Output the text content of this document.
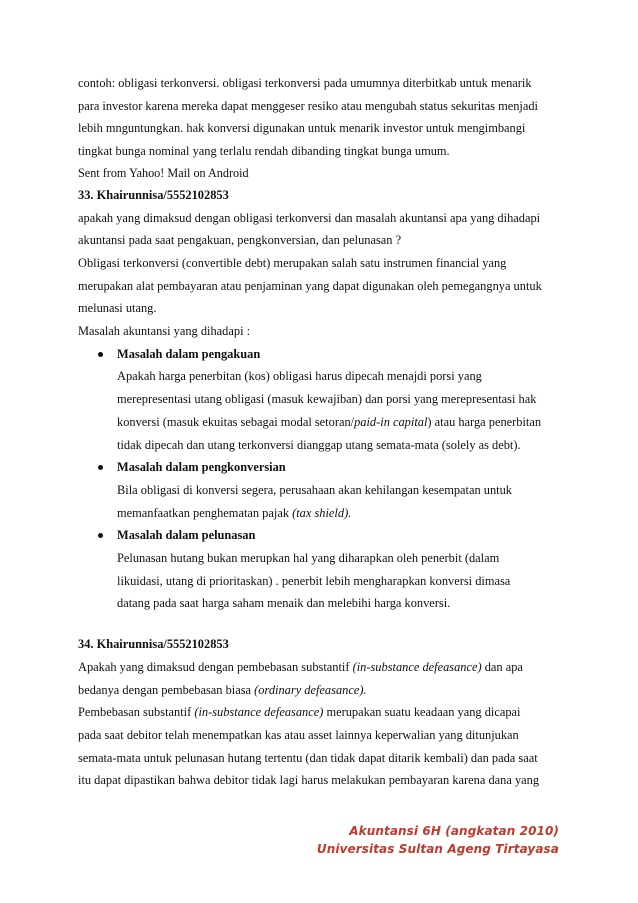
contoh: obligasi terkonversi. obligasi terkonversi pada umumnya diterbitkab untuk menarik

para investor karena mereka dapat menggeser resiko atau mengubah status sekuritas menjadi

lebih mnguntungkan. hak konversi digunakan untuk menarik investor untuk mengimbangi

tingkat bunga nominal yang terlalu rendah dibanding tingkat bunga umum.

Sent from Yahoo! Mail on Android

33. Khairunnisa/5552102853

apakah yang dimaksud dengan obligasi terkonversi dan masalah akuntansi apa yang dihadapi

akuntansi pada saat pengakuan, pengkonversian, dan pelunasan ?

Obligasi terkonversi (convertible debt) merupakan salah satu instrumen financial yang

merupakan alat pembayaran atau penjaminan yang dapat digunakan oleh pemegangnya untuk

melunasi utang.

Masalah akuntansi yang dihadapi :

Masalah dalam pengakuan
Apakah harga penerbitan (kos) obligasi harus dipecah menajdi porsi yang
merepresentasi utang obligasi (masuk kewajiban) dan porsi yang merepresentasi hak
konversi (masuk ekuitas sebagai modal setoran/paid-in capital) atau harga penerbitan
tidak dipecah dan utang terkonversi dianggap utang semata-mata (solely as debt).
Masalah dalam pengkonversian
Bila obligasi di konversi segera, perusahaan akan kehilangan kesempatan untuk
memanfaatkan penghematan pajak (tax shield).
Masalah dalam pelunasan
Pelunasan hutang bukan merupkan hal yang diharapkan oleh penerbit (dalam
likuidasi, utang di prioritaskan) . penerbit lebih mengharapkan konversi dimasa
datang pada saat harga saham menaik dan melebihi harga konversi.

34. Khairunnisa/5552102853

Apakah yang dimaksud dengan pembebasan substantif (in-substance defeasance) dan apa

bedanya dengan pembebasan biasa (ordinary defeasance).

Pembebasan substantif (in-substance defeasance) merupakan suatu keadaan yang dicapai

pada saat debitor telah menempatkan kas atau asset lainnya keperwalian yang ditunjukan

semata-mata untuk pelunasan hutang tertentu (dan tidak dapat ditarik kembali) dan pada saat

itu dapat dipastikan bahwa debitor tidak lagi harus melakukan pembayaran karena dana yang

Akuntansi 6H (angkatan 2010)
Universitas Sultan Ageng Tirtayasa
